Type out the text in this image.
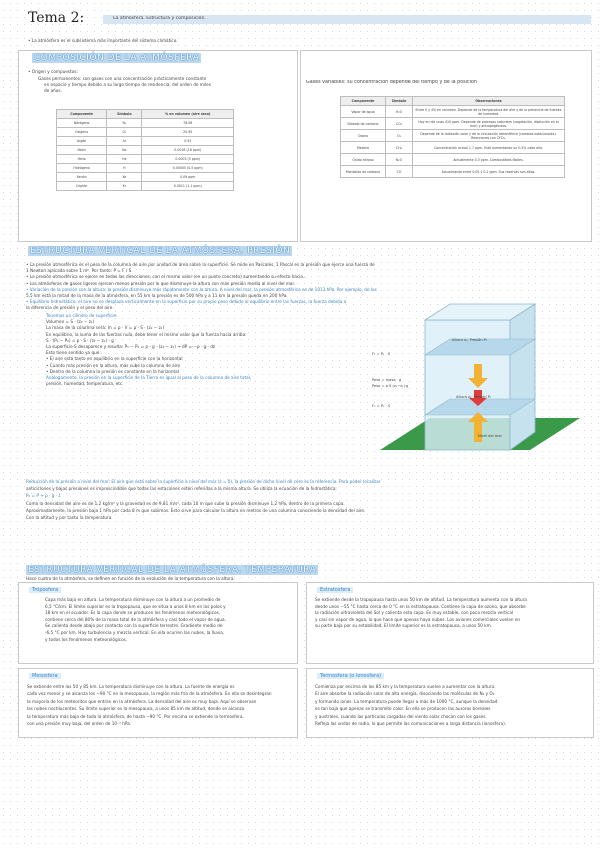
Tema 2:	La atmósfera. Estructura y composición.
• La atmósfera es el subsistema más importante del sistema climático.
COMPOSICIÓN DE LA ATMÓSFERA
• Origen y compuestos:
Gases permanentes: son gases con una concentración prácticamente constante
en espacio y tiempo debido a su largo tiempo de residencia, del orden de miles
de años.
Componente	Símbolo	% en volumen (aire seco)
Nitrógeno	N₂	78.08
Oxígeno	O₂	20.95
Argón	Ar	0.93
Neón	Ne	0.0018 (18 ppm)
Helio	He	0.0005 (5 ppm)
Hidrógeno	H	0.00005 (0.5 ppm)
Xenón	Xe	0.09 ppm
Criptón	Kr	0.0011 (1.1 ppm)
Gases variables: su concentración depende del tiempo y de la posición
Componente	Símbolo	Observaciones
Vapor de agua	H₂O	Entre 0 y 4% en volumen. Depende de la temperatura del aire y de la presencia de fuentes de humedad.
Dióxido de carbono	CO₂	Hoy en día unas 410 ppm. Depende de procesos naturales (vegetación, disolución en el mar) y antropogénicos.
Ozono	O₃	Depende de la radiación solar y de la circulación atmosférica (cambios estacionales). Reacciones con CFCs.
Metano	CH₄	Concentración actual 1.7 ppm. Está aumentando un 0.5% cada año.
Óxido nitroso	N₂O	Actualmente 0.3 ppm. Combustibles fósiles.
Monóxido de carbono	CO	Actualmente entre 0.05 y 0.2 ppm. Sus reservas son altas.
ESTRUCTURA VERTICAL DE LA ATMÓSFERA. PRESIÓN
• La presión atmosférica es el peso de la columna de aire por unidad de área sobre la superficie. Se mide en Pascales, 1 Pascal es la presión que ejerce una fuerza de
1 Newton aplicada sobre 1 m². Por tanto: P = F / S
• La presión atmosférica se ejerce en todas las direcciones, con el mismo valor (en un punto concreto) aumentando su efecto hacia...
• Las atmósferas de gases ligeros ejercen menos presión por lo que disminuye la altura con más presión media al nivel del mar.
• Variación de la presión con la altura: la presión disminuye más rápidamente con la altura. A nivel del mar, la presión atmosférica es de 1013 hPa. Por ejemplo, de los
5,5 km está la mitad de la masa de la atmósfera, en 55 km la presión es de 500 hPa y a 11 km la presión queda en 200 hPa.
• Equilibrio hidrostático: el aire no se desplaza verticalmente en la superficie por su propio peso debido al equilibrio entre las fuerzas, la fuerza debida a
la diferencia de presión y el peso del aire.
Tenemos un cilindro de superficie:
Volumen = S · (z₂ − z₁)
La masa de la columna será: m = ρ · V = ρ · S · (z₂ − z₁)
En equilibrio, la suma de las fuerzas nula, debe tener el mismo valor que la fuerza hacia arriba:
S · (P₁ − P₂) = ρ · S · (z₂ − z₁) · g
La superficie S desaparece y resulta: P₁ − P₂ = ρ · g · (z₂ − z₁) → dP = −ρ · g · dz
Esto tiene sentido ya que:
• El aire está tanto en equilibrio en la superficie con la horizontal
• Cuanto más presión en la altura, más sube la columna de aire
• Dentro de la columna la presión es constante en la horizontal
Análogamente, la presión en la superficie de la Tierra es igual al peso de la columna de aire total,
presión, humedad, temperatura, etc.
Altura z₁, Presión P₁
Altura z₂, Presión P₂
F₁ = P₁ · S
Peso = masa · g
Peso = ρ·S·(z₂−z₁)·g
F₂ = P₂ · S
Nivel del mar
Reducción de la presión a nivel del mar: El aire que está sobre la superficie a nivel del mar (z = 0), la presión de dicho nivel de cero es la referencia. Para poder localizar
anticiclones y bajas presiones es imprescindible que todas las estaciones estén referidas a la misma altura. Se utiliza la ecuación de la hidrostática:
P₀ = P + ρ · g · z
Como la densidad del aire es de 1,2 kg/m³ y la gravedad es de 9,81 m/s², cada 10 m que sube la presión disminuye 1,2 hPa, dentro de la primera capa.
Aproximadamente, la presión baja 1 hPa por cada 8 m que subimos. Esto sirve para calcular la altura en metros de una columna conociendo la densidad del aire.
Con la altitud y por tanto la temperatura.
ESTRUCTURA VERTICAL DE LA ATMÓSFERA. TEMPERATURA
Hace cuatro de la atmósfera, se definen en función de la evolución de la temperatura con la altura.
Troposfera
Capa más baja en altura. La temperatura disminuye con la altura a un promedio de
6,5 °C/km. El límite superior es la tropopausa, que se sitúa a unos 8 km en los polos y
18 km en el ecuador. Es la capa donde se producen los fenómenos meteorológicos,
contiene cerca del 80% de la masa total de la atmósfera y casi todo el vapor de agua.
Se calienta desde abajo por contacto con la superficie terrestre. Gradiente medio de
-6,5 °C por km. Hay turbulencia y mezcla vertical. En ella ocurren las nubes, la lluvia,
y todos los fenómenos meteorológicos.
Estratosfera
Se extiende desde la tropopausa hasta unos 50 km de altitud. La temperatura aumenta con la altura
desde unos −55 °C hasta cerca de 0 °C en la estratopausa. Contiene la capa de ozono, que absorbe
la radiación ultravioleta del Sol y calienta esta capa. Es muy estable, con poca mezcla vertical
y casi sin vapor de agua, lo que hace que apenas haya nubes. Los aviones comerciales vuelan en
su parte baja por su estabilidad. El límite superior es la estratopausa, a unos 50 km.
Mesosfera
Se extiende entre los 50 y 85 km. La temperatura disminuye con la altura. La fuente de energía es
cada vez menor y se alcanza los −90 °C en la mesopausa, la región más fría de la atmósfera. En ella se desintegran
la mayoría de los meteoritos que entran en la atmósfera. La densidad del aire es muy baja. Aquí se observan
las nubes noctilucentes. Su límite superior es la mesopausa, a unos 85 km de altitud, donde se alcanza
la temperatura más baja de toda la atmósfera, de hasta −90 °C. Por encima se extiende la termosfera,
con una presión muy baja, del orden de 10⁻² hPa.
Termosfera (o ionosfera)
Comienza por encima de los 85 km y la temperatura vuelve a aumentar con la altura.
El aire absorbe la radiación solar de alta energía, disociando las moléculas de N₂ y O₂
y formando iones. La temperatura puede llegar a más de 1000 °C, aunque la densidad
es tan baja que apenas se transmite calor. En ella se producen las auroras boreales
y australes, cuando las partículas cargadas del viento solar chocan con los gases.
Refleja las ondas de radio, lo que permite las comunicaciones a larga distancia (ionosfera).
